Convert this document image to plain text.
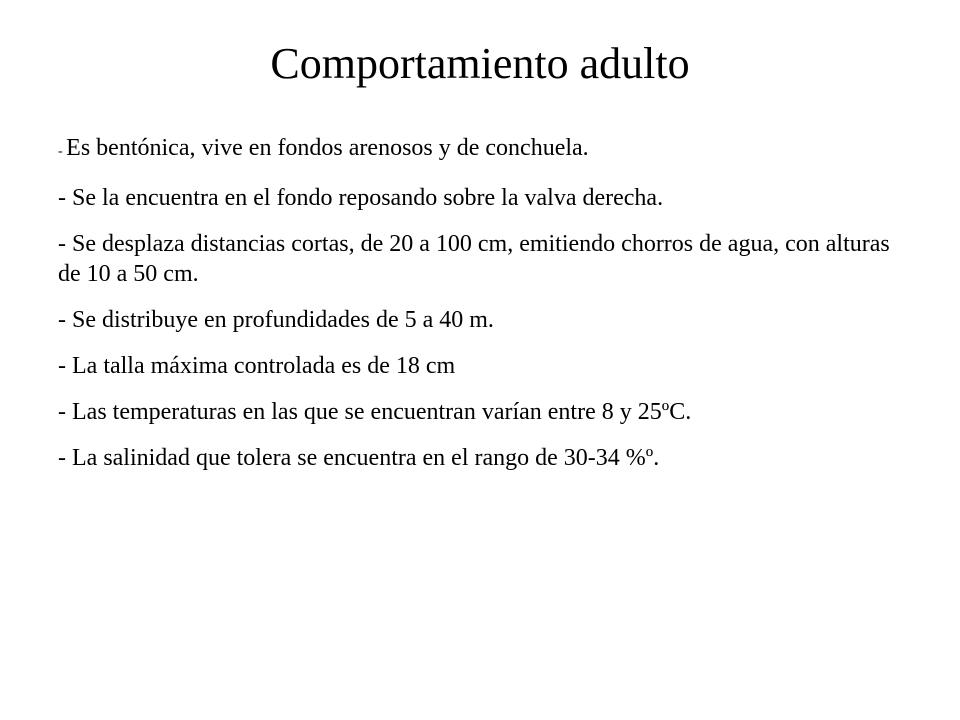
Comportamiento adulto
- Es bentónica, vive en fondos arenosos y de conchuela.
- Se la encuentra en el fondo reposando sobre la valva derecha.
- Se desplaza distancias cortas, de 20 a 100 cm, emitiendo chorros de agua, con alturas de 10 a 50 cm.
- Se distribuye en profundidades de 5 a 40 m.
- La talla máxima controlada es de 18 cm
- Las temperaturas en las que se encuentran varían entre 8 y 25ºC.
- La salinidad que tolera se encuentra en el rango de 30-34 %º.
